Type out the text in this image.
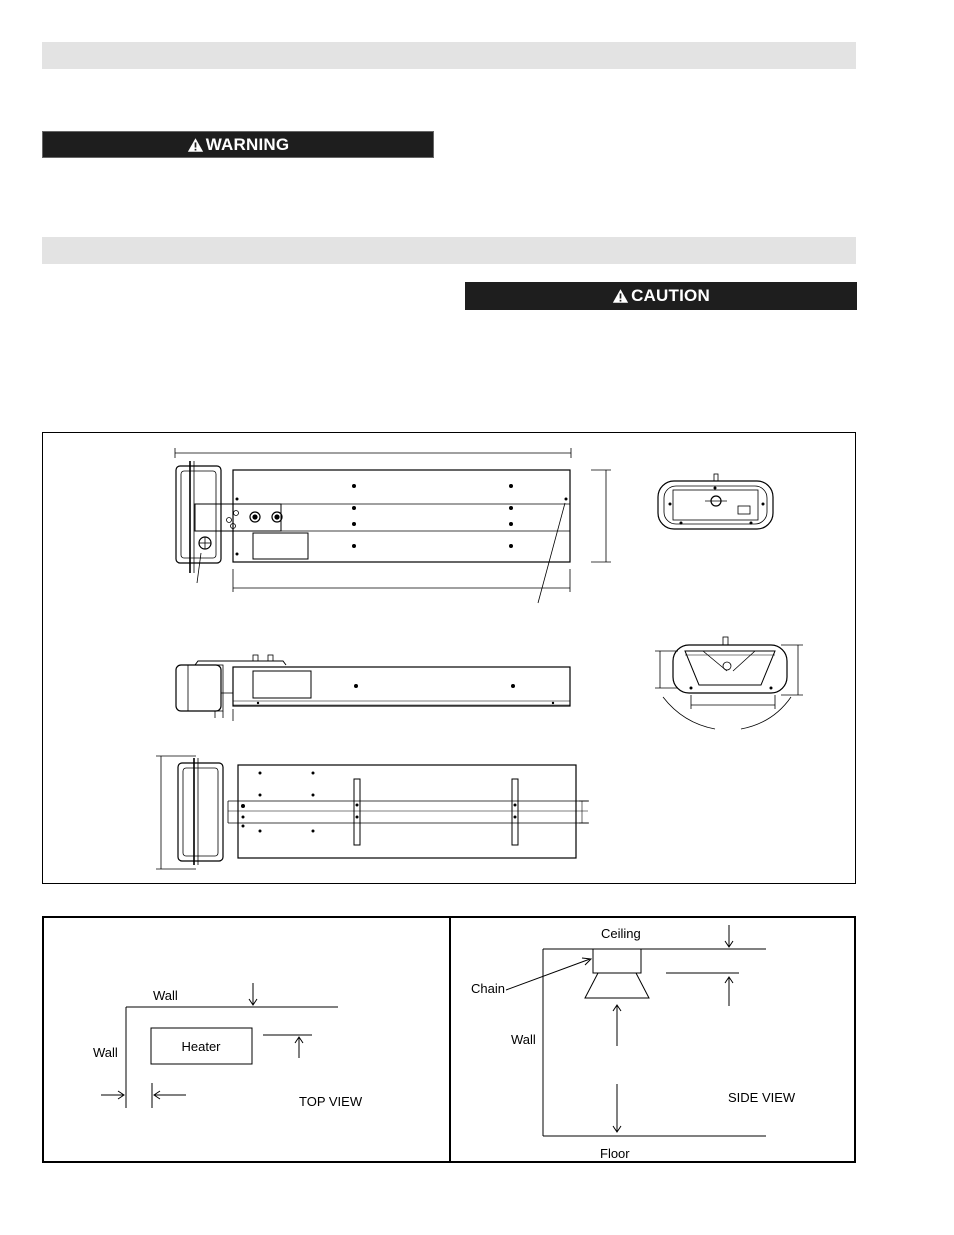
WARNING
CAUTION
Wall
Wall	Heater
TOP VIEW
Ceiling
Chain
Wall
Floor
SIDE VIEW
